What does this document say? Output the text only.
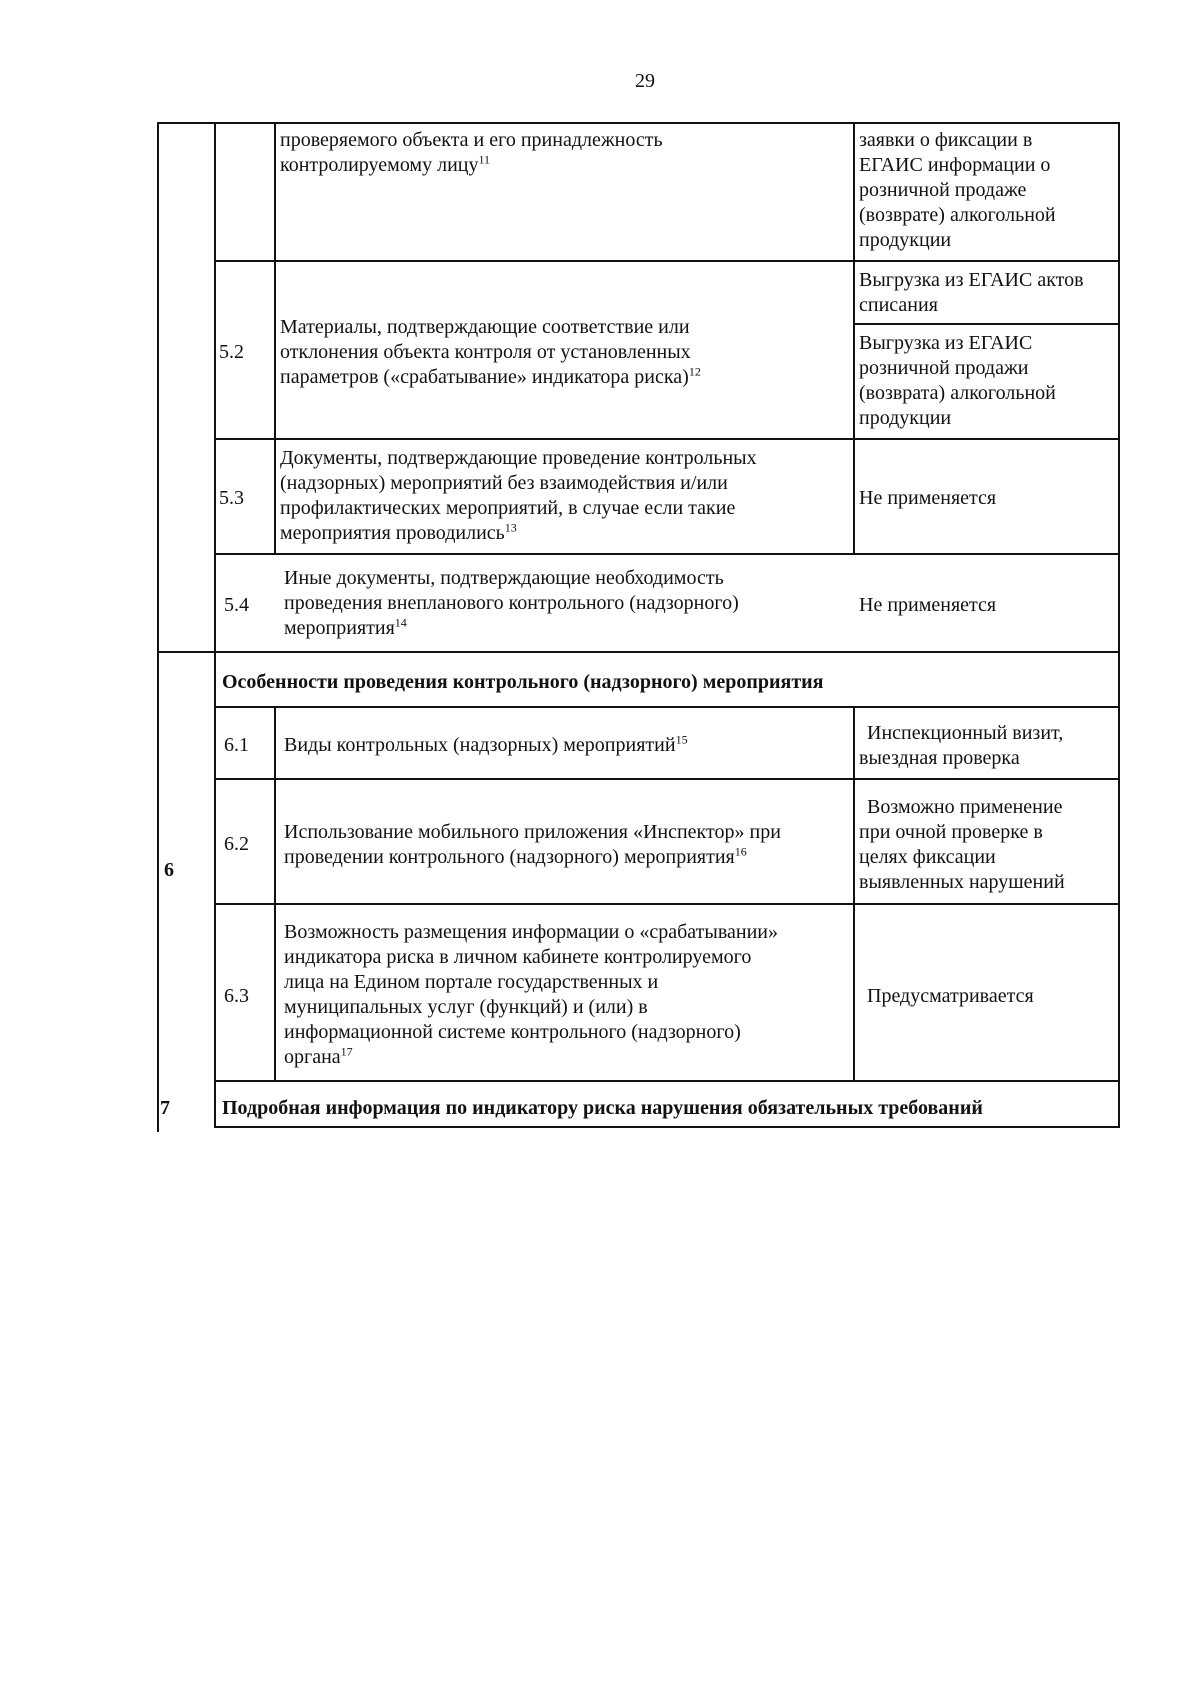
29
проверяемого объекта и его принадлежность
контролируемому лицу$^{11}$
заявки о фиксации в
ЕГАИС информации о
розничной продаже
(возврате) алкогольной
продукции
5.2
Материалы, подтверждающие соответствие или
отклонения объекта контроля от установленных
параметров («срабатывание» индикатора риска)$^{12}$
Выгрузка из ЕГАИС актов
списания
Выгрузка из ЕГАИС
розничной продажи
(возврата) алкогольной
продукции
5.3
Документы, подтверждающие проведение контрольных
(надзорных) мероприятий без взаимодействия и/или
профилактических мероприятий, в случае если такие
мероприятия проводились$^{13}$
Не применяется
5.4
Иные документы, подтверждающие необходимость
проведения внепланового контрольного (надзорного)
мероприятия$^{14}$
Не применяется
6
Особенности проведения контрольного (надзорного) мероприятия
6.1 Виды контрольных (надзорных) мероприятий$^{15}$	Инспекционный визит,
выездная проверка
6.2
Использование мобильного приложения «Инспектор» при
проведении контрольного (надзорного) мероприятия$^{16}$
Возможно применение
при очной проверке в
целях фиксации
выявленных нарушений
6.3
Возможность размещения информации о «срабатывании»
индикатора риска в личном кабинете контролируемого
лица на Едином портале государственных и
муниципальных услуг (функций) и (или) в
информационной системе контрольного (надзорного)
органа$^{17}$
Предусматривается
7	Подробная информация по индикатору риска нарушения обязательных требований
